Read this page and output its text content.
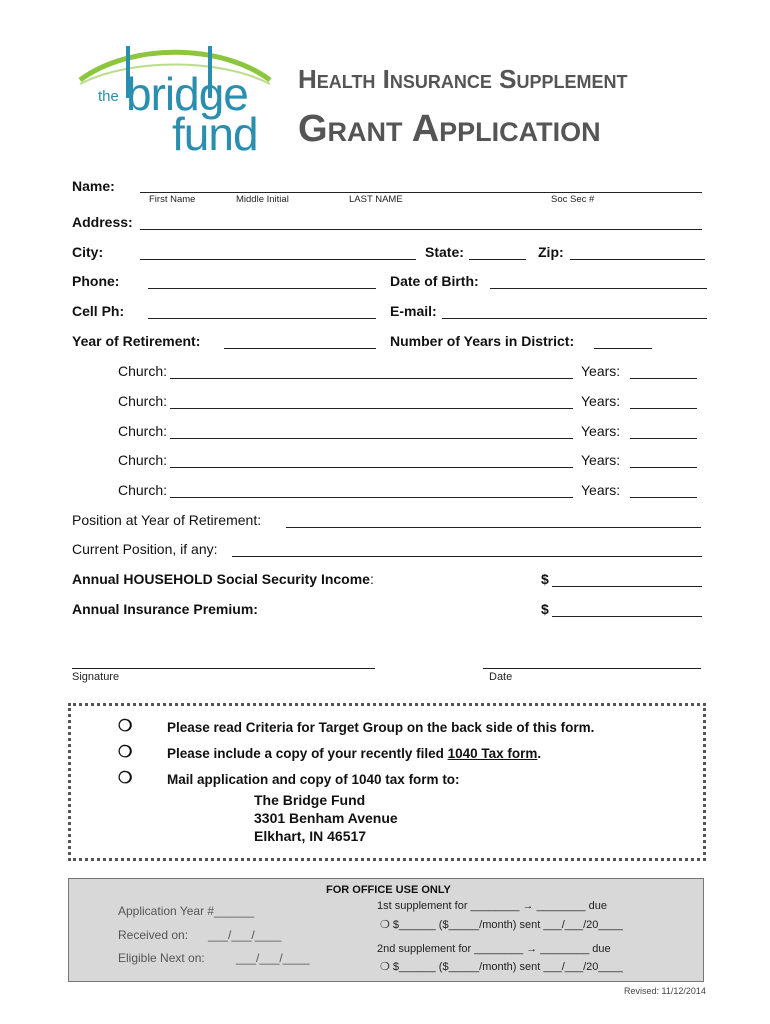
the bridge
fund
Health Insurance Supplement
Grant Application
Name:
First Name	Middle Initial	LAST NAME	Soc Sec #
Address:
City:	State:	Zip:
Phone:	Date of Birth:
Cell Ph:	E-mail:
Year of Retirement:	Number of Years in District:
Church:	Years:
Church:	Years:
Church:	Years:
Church:	Years:
Church:	Years:
Position at Year of Retirement:
Current Position, if any:
Annual HOUSEHOLD Social Security Income:	$
Annual Insurance Premium:	$
Signature	Date
❍	Please read Criteria for Target Group on the back side of this form.
❍	Please include a copy of your recently filed 1040 Tax form.
❍	Mail application and copy of 1040 tax form to:
The Bridge Fund
3301 Benham Avenue
Elkhart, IN 46517
FOR OFFICE USE ONLY
Application Year #______
Received on: ___/___/____
Eligible Next on:	___/___/____
1st supplement for ________ → ________ due
❍ $______ ($_____/month) sent ___/___/20____
2nd supplement for ________ → ________ due
❍ $______ ($_____/month) sent ___/___/20____
Revised: 11/12/2014
